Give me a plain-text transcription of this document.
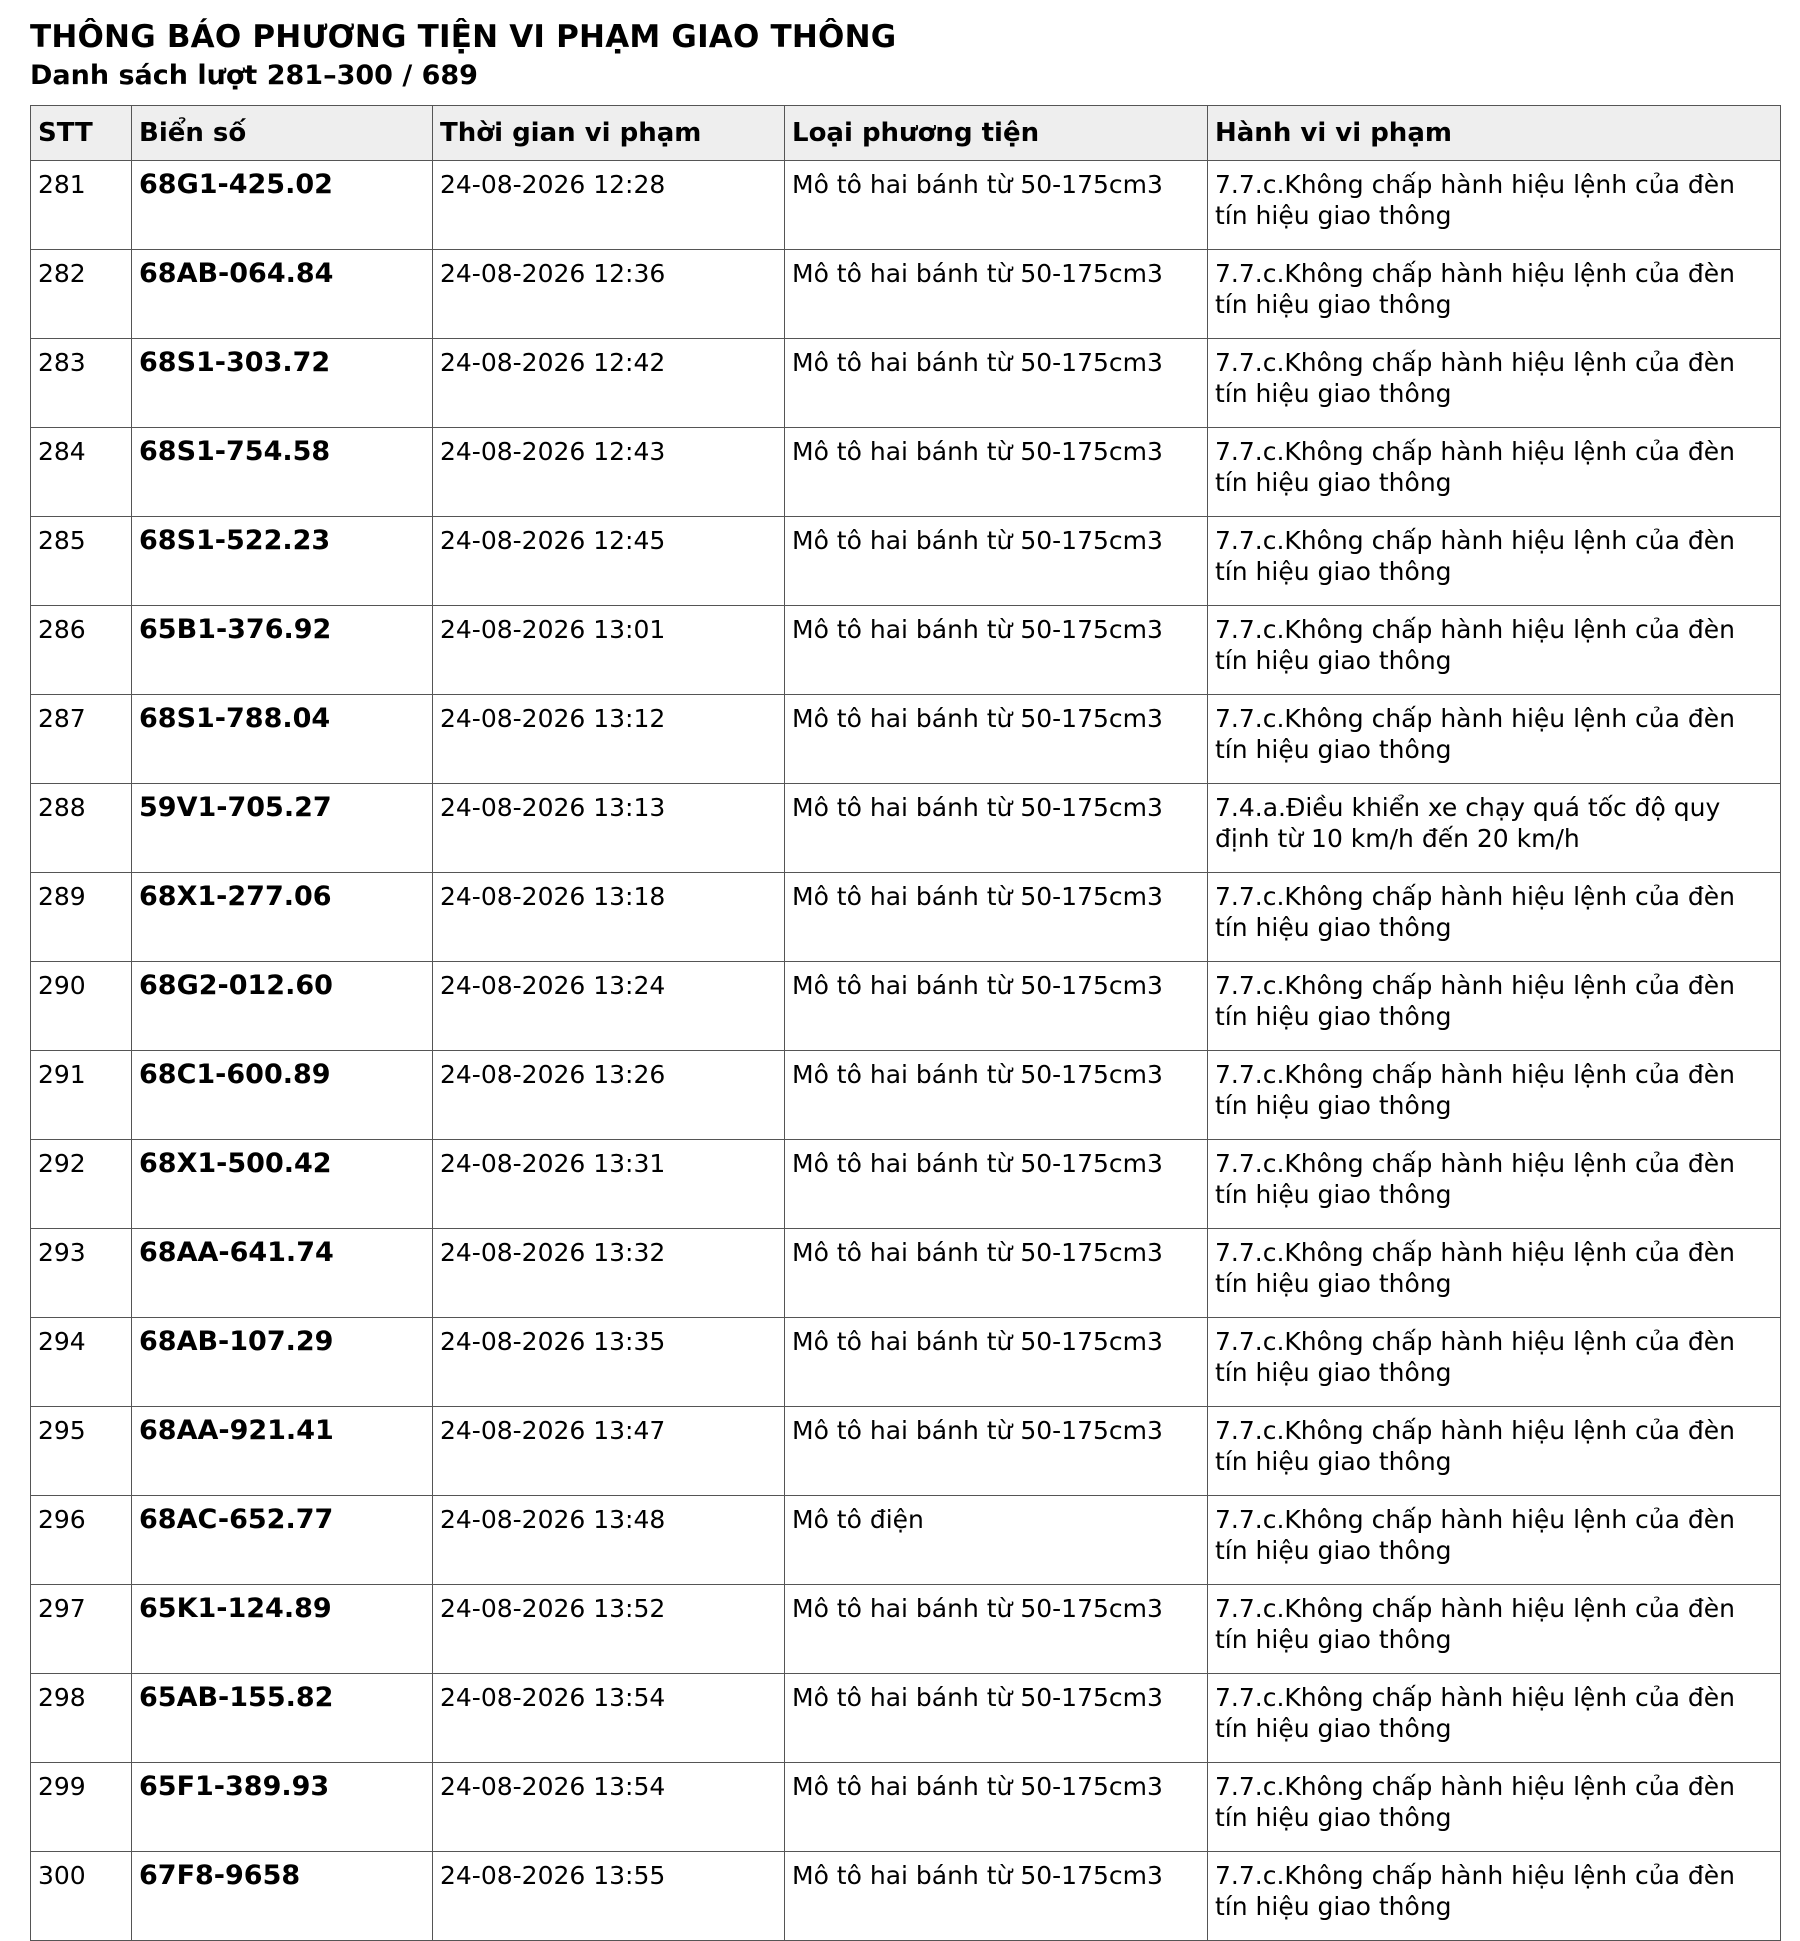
THÔNG BÁO PHƯƠNG TIỆN VI PHẠM GIAO THÔNG
Danh sách lượt 281–300 / 689
STT	Biển số	Thời gian vi phạm	Loại phương tiện	Hành vi vi phạm
281	68G1-425.02	24-08-2026 12:28	Mô tô hai bánh từ 50-175cm3	7.7.c.Không chấp hành hiệu lệnh của đèn tín hiệu giao thông
282	68AB-064.84	24-08-2026 12:36	Mô tô hai bánh từ 50-175cm3	7.7.c.Không chấp hành hiệu lệnh của đèn tín hiệu giao thông
283	68S1-303.72	24-08-2026 12:42	Mô tô hai bánh từ 50-175cm3	7.7.c.Không chấp hành hiệu lệnh của đèn tín hiệu giao thông
284	68S1-754.58	24-08-2026 12:43	Mô tô hai bánh từ 50-175cm3	7.7.c.Không chấp hành hiệu lệnh của đèn tín hiệu giao thông
285	68S1-522.23	24-08-2026 12:45	Mô tô hai bánh từ 50-175cm3	7.7.c.Không chấp hành hiệu lệnh của đèn tín hiệu giao thông
286	65B1-376.92	24-08-2026 13:01	Mô tô hai bánh từ 50-175cm3	7.7.c.Không chấp hành hiệu lệnh của đèn tín hiệu giao thông
287	68S1-788.04	24-08-2026 13:12	Mô tô hai bánh từ 50-175cm3	7.7.c.Không chấp hành hiệu lệnh của đèn tín hiệu giao thông
288	59V1-705.27	24-08-2026 13:13	Mô tô hai bánh từ 50-175cm3	7.4.a.Điều khiển xe chạy quá tốc độ quy định từ 10 km/h đến 20 km/h
289	68X1-277.06	24-08-2026 13:18	Mô tô hai bánh từ 50-175cm3	7.7.c.Không chấp hành hiệu lệnh của đèn tín hiệu giao thông
290	68G2-012.60	24-08-2026 13:24	Mô tô hai bánh từ 50-175cm3	7.7.c.Không chấp hành hiệu lệnh của đèn tín hiệu giao thông
291	68C1-600.89	24-08-2026 13:26	Mô tô hai bánh từ 50-175cm3	7.7.c.Không chấp hành hiệu lệnh của đèn tín hiệu giao thông
292	68X1-500.42	24-08-2026 13:31	Mô tô hai bánh từ 50-175cm3	7.7.c.Không chấp hành hiệu lệnh của đèn tín hiệu giao thông
293	68AA-641.74	24-08-2026 13:32	Mô tô hai bánh từ 50-175cm3	7.7.c.Không chấp hành hiệu lệnh của đèn tín hiệu giao thông
294	68AB-107.29	24-08-2026 13:35	Mô tô hai bánh từ 50-175cm3	7.7.c.Không chấp hành hiệu lệnh của đèn tín hiệu giao thông
295	68AA-921.41	24-08-2026 13:47	Mô tô hai bánh từ 50-175cm3	7.7.c.Không chấp hành hiệu lệnh của đèn tín hiệu giao thông
296	68AC-652.77	24-08-2026 13:48	Mô tô điện	7.7.c.Không chấp hành hiệu lệnh của đèn tín hiệu giao thông
297	65K1-124.89	24-08-2026 13:52	Mô tô hai bánh từ 50-175cm3	7.7.c.Không chấp hành hiệu lệnh của đèn tín hiệu giao thông
298	65AB-155.82	24-08-2026 13:54	Mô tô hai bánh từ 50-175cm3	7.7.c.Không chấp hành hiệu lệnh của đèn tín hiệu giao thông
299	65F1-389.93	24-08-2026 13:54	Mô tô hai bánh từ 50-175cm3	7.7.c.Không chấp hành hiệu lệnh của đèn tín hiệu giao thông
300	67F8-9658	24-08-2026 13:55	Mô tô hai bánh từ 50-175cm3	7.7.c.Không chấp hành hiệu lệnh của đèn tín hiệu giao thông
